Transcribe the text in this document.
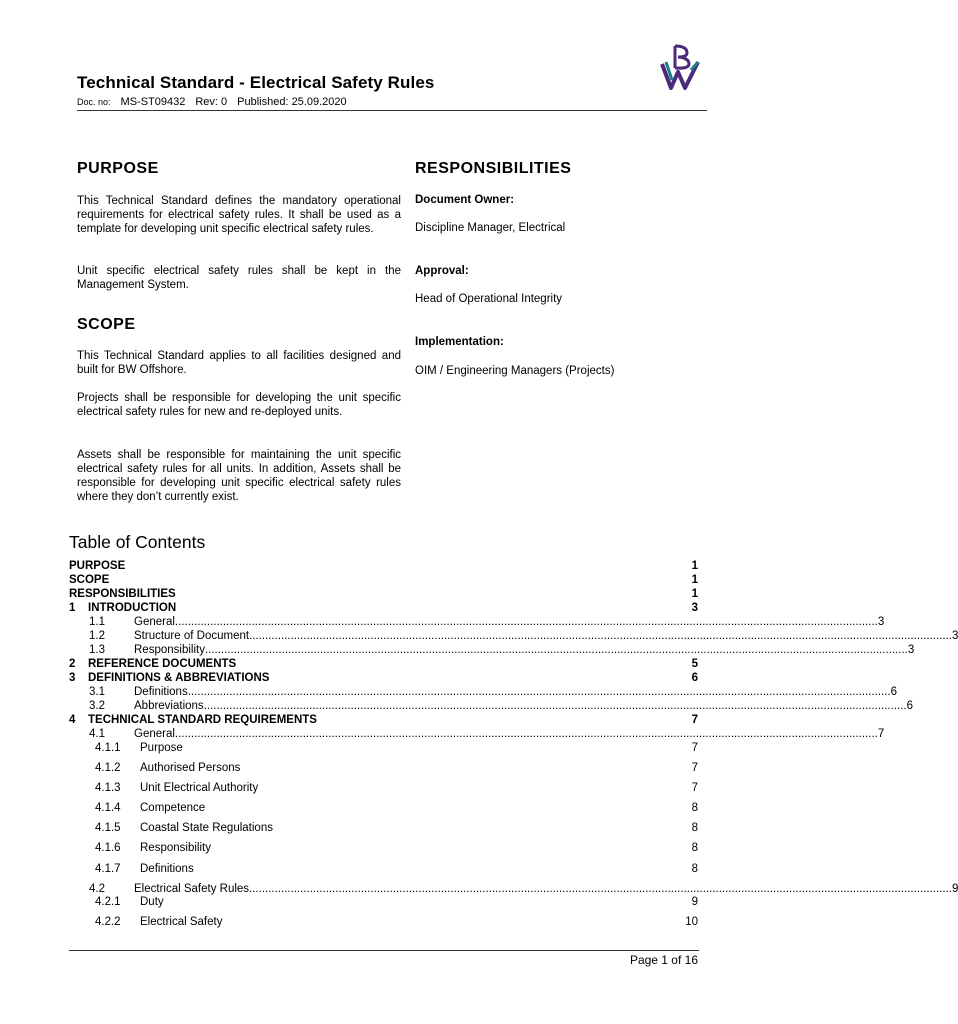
Technical Standard - Electrical Safety Rules
Doc. no: MS-ST09432 Rev: 0 Published: 25.09.2020
PURPOSE
This Technical Standard defines the mandatory operational requirements for electrical safety rules. It shall be used as a template for developing unit specific electrical safety rules.
Unit specific electrical safety rules shall be kept in the Management System.
SCOPE
This Technical Standard applies to all facilities designed and built for BW Offshore.
Projects shall be responsible for developing the unit specific electrical safety rules for new and re-deployed units.
Assets shall be responsible for maintaining the unit specific electrical safety rules for all units. In addition, Assets shall be responsible for developing unit specific electrical safety rules where they don’t currently exist.
RESPONSIBILITIES
Document Owner:
Discipline Manager, Electrical
Approval:
Head of Operational Integrity
Implementation:
OIM / Engineering Managers (Projects)
Table of Contents
PURPOSE	1
SCOPE	1
RESPONSIBILITIES	1
1	INTRODUCTION	3
1.1	General ............................................................................................................................................................................................................................ 3
1.2	Structure of Document ............................................................................................................................................................................................................................ 3
1.3	Responsibility ............................................................................................................................................................................................................................ 3
2	REFERENCE DOCUMENTS	5
3	DEFINITIONS & ABBREVIATIONS	6
3.1	Definitions ............................................................................................................................................................................................................................ 6
3.2	Abbreviations ............................................................................................................................................................................................................................ 6
4	TECHNICAL STANDARD REQUIREMENTS	7
4.1	General ............................................................................................................................................................................................................................ 7
4.1.1	Purpose	7
4.1.2	Authorised Persons	7
4.1.3	Unit Electrical Authority	7
4.1.4	Competence	8
4.1.5	Coastal State Regulations	8
4.1.6	Responsibility	8
4.1.7	Definitions	8
4.2	Electrical Safety Rules ............................................................................................................................................................................................................................ 9
4.2.1	Duty	9
4.2.2	Electrical Safety	10
Page 1 of 16
